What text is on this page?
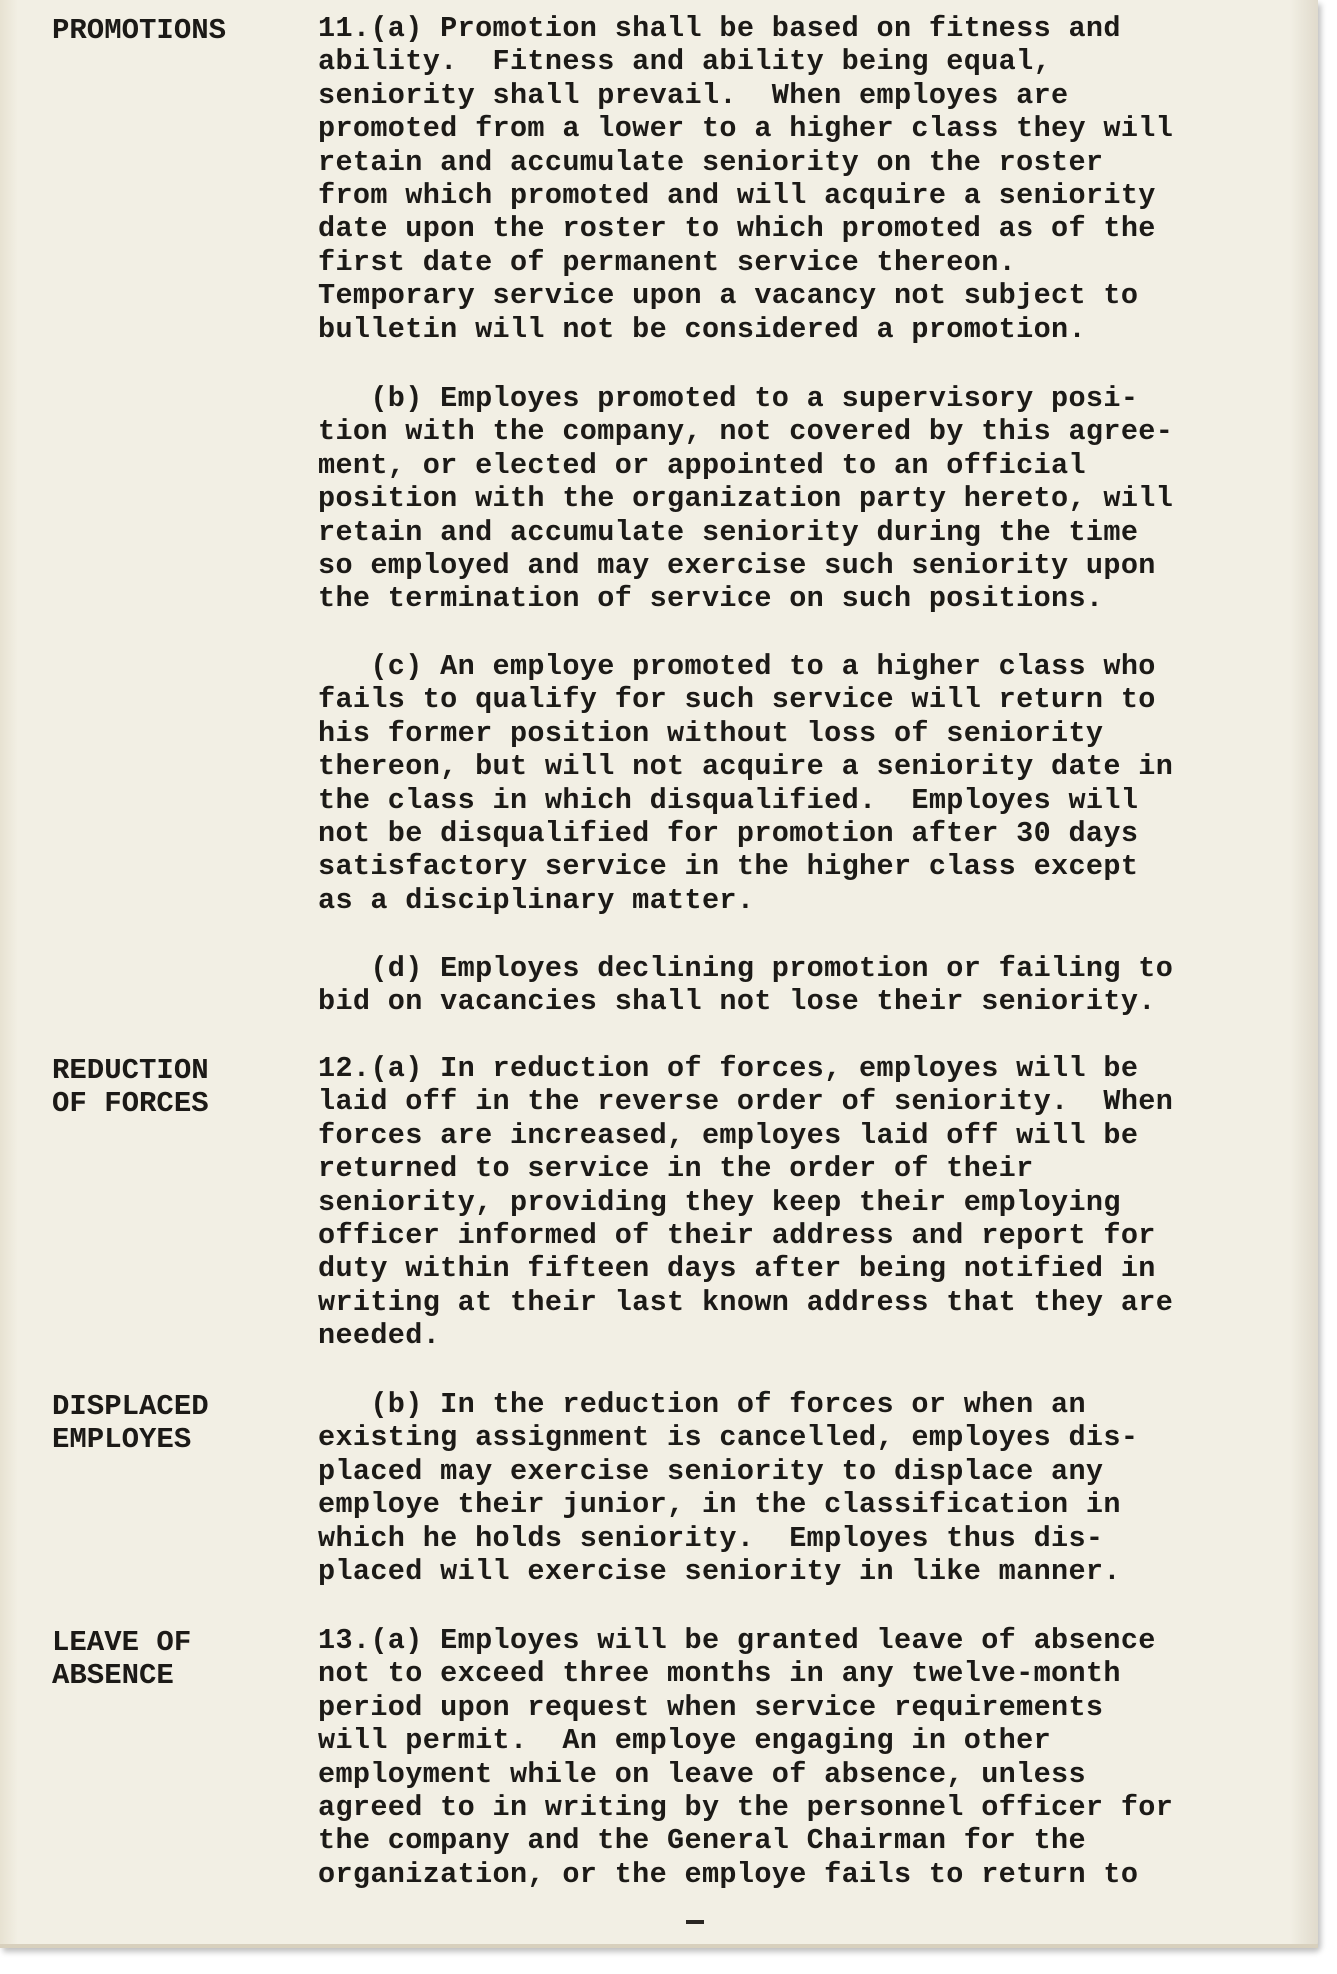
PROMOTIONS
REDUCTION
OF FORCES
DISPLACED
EMPLOYES
LEAVE OF
ABSENCE
11.(a) Promotion shall be based on fitness and
ability.  Fitness and ability being equal,
seniority shall prevail.  When employes are
promoted from a lower to a higher class they will
retain and accumulate seniority on the roster
from which promoted and will acquire a seniority
date upon the roster to which promoted as of the
first date of permanent service thereon.
Temporary service upon a vacancy not subject to
bulletin will not be considered a promotion.
(b) Employes promoted to a supervisory posi-
tion with the company, not covered by this agree-
ment, or elected or appointed to an official
position with the organization party hereto, will
retain and accumulate seniority during the time
so employed and may exercise such seniority upon
the termination of service on such positions.
(c) An employe promoted to a higher class who
fails to qualify for such service will return to
his former position without loss of seniority
thereon, but will not acquire a seniority date in
the class in which disqualified.  Employes will
not be disqualified for promotion after 30 days
satisfactory service in the higher class except
as a disciplinary matter.
(d) Employes declining promotion or failing to
bid on vacancies shall not lose their seniority.
12.(a) In reduction of forces, employes will be
laid off in the reverse order of seniority.  When
forces are increased, employes laid off will be
returned to service in the order of their
seniority, providing they keep their employing
officer informed of their address and report for
duty within fifteen days after being notified in
writing at their last known address that they are
needed.
(b) In the reduction of forces or when an
existing assignment is cancelled, employes dis-
placed may exercise seniority to displace any
employe their junior, in the classification in
which he holds seniority.  Employes thus dis-
placed will exercise seniority in like manner.
13.(a) Employes will be granted leave of absence
not to exceed three months in any twelve-month
period upon request when service requirements
will permit.  An employe engaging in other
employment while on leave of absence, unless
agreed to in writing by the personnel officer for
the company and the General Chairman for the
organization, or the employe fails to return to
